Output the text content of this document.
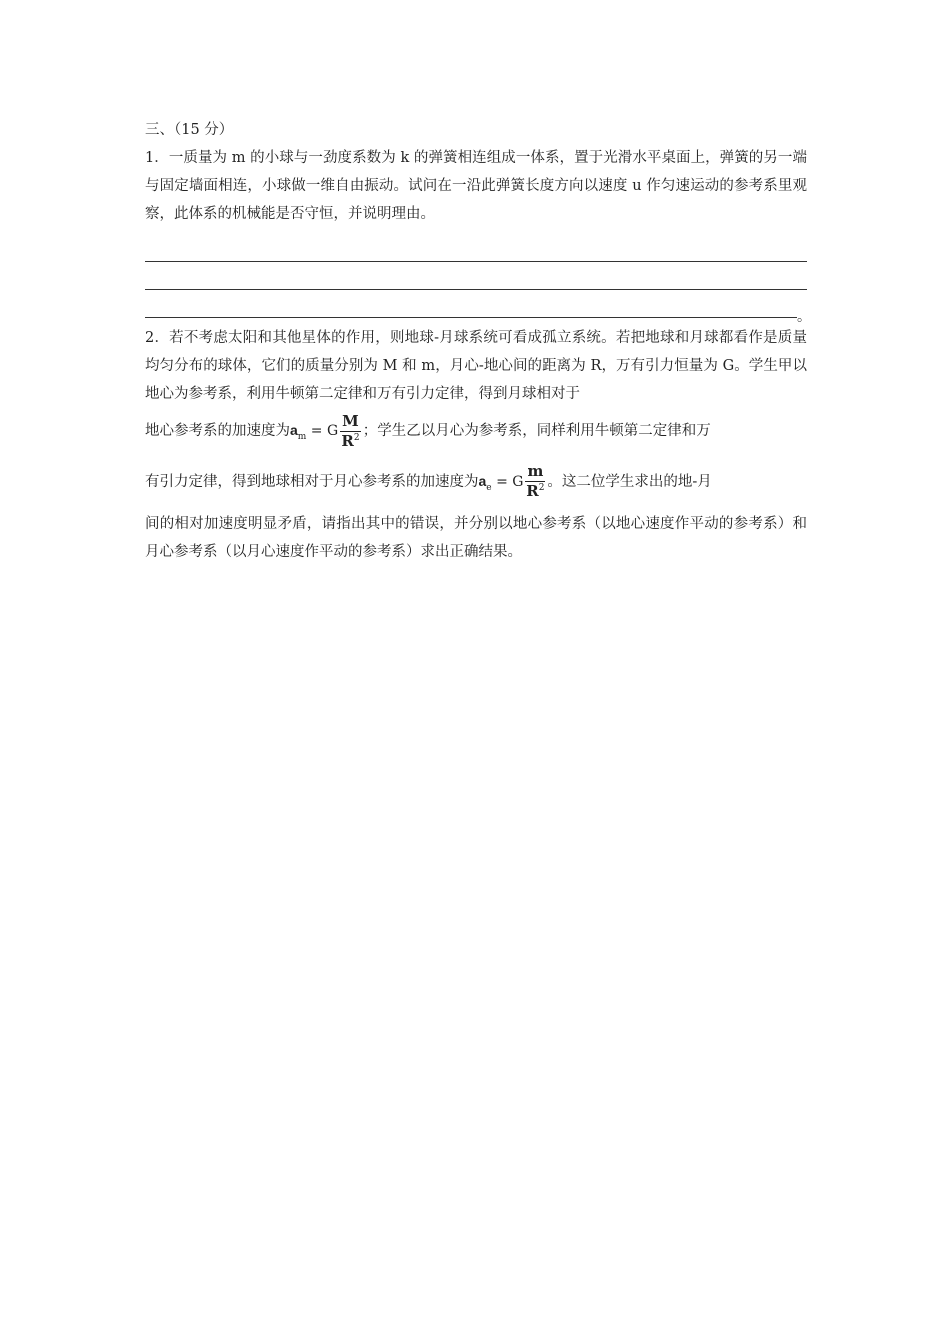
三、（15 分）

1．一质量为 m 的小球与一劲度系数为 k 的弹簧相连组成一体系，置于光滑水平桌面上，弹簧的另一端与固定墙面相连，小球做一维自由振动。试问在一沿此弹簧长度方向以速度 u 作匀速运动的参考系里观察，此体系的机械能是否守恒，并说明理由。

。

2．若不考虑太阳和其他星体的作用，则地球-月球系统可看成孤立系统。若把地球和月球都看作是质量均匀分布的球体，它们的质量分别为 M 和 m，月心-地心间的距离为 R，万有引力恒量为 G。学生甲以地心为参考系，利用牛顿第二定律和万有引力定律，得到月球相对于

地心参考系的加速度为$a_m = G \frac{M}{R^2}$ ；学生乙以月心为参考系，同样利用牛顿第二定律和万

有引力定律，得到地球相对于月心参考系的加速度为$a_e = G \frac{m}{R^2}$ 。这二位学生求出的地-月

间的相对加速度明显矛盾，请指出其中的错误，并分别以地心参考系（以地心速度作平动的参考系）和月心参考系（以月心速度作平动的参考系）求出正确结果。
